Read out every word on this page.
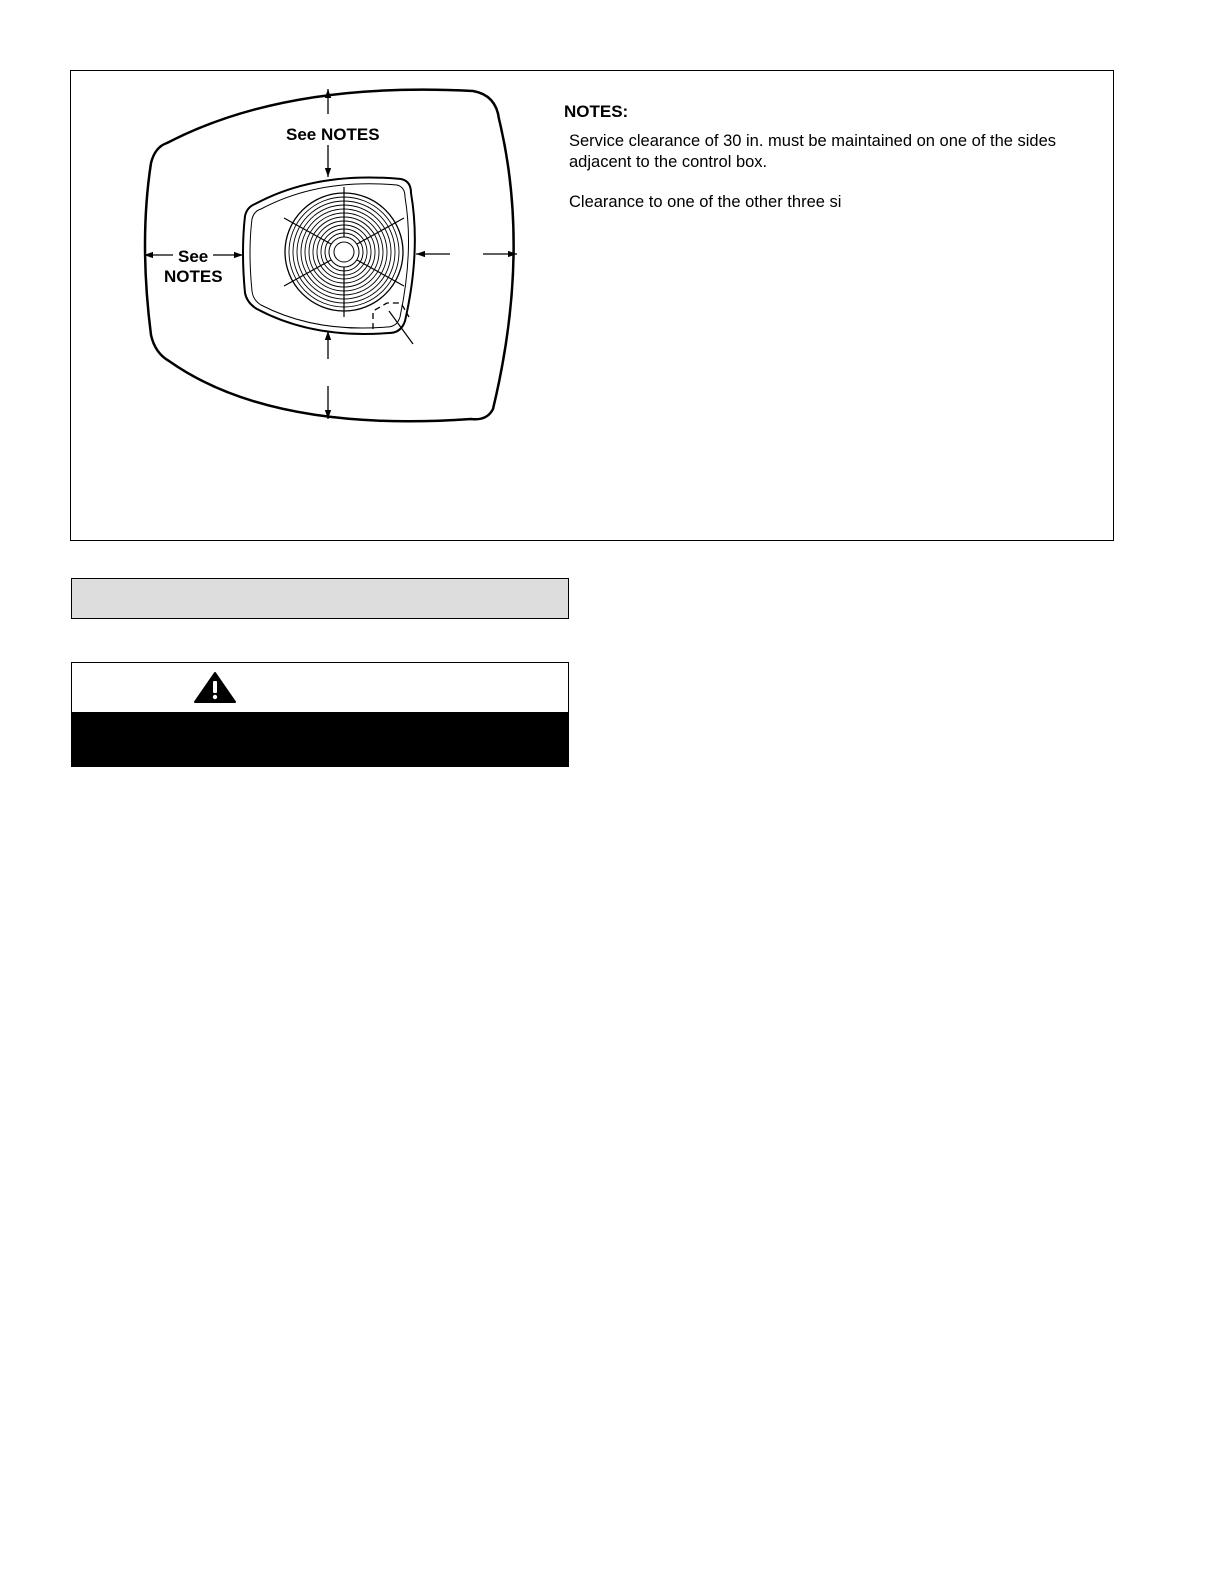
See NOTES
See
NOTES
NOTES:
Service clearance of 30 in. must be maintained on one of the sides adjacent to the control box.
Clearance to one of the other three si
